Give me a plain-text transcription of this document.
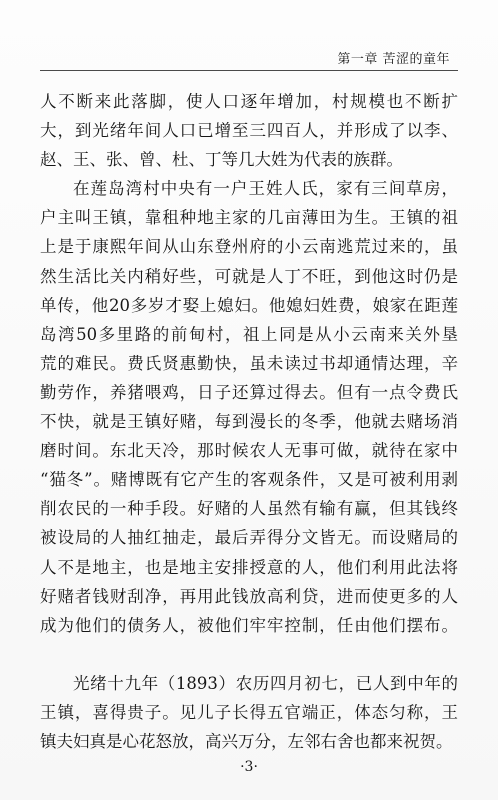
第一章 苦涩的童年
人不断来此落脚，使人口逐年增加，村规模也不断扩
大，到光绪年间人口已增至三四百人，并形成了以李、
赵、王、张、曾、杜、丁等几大姓为代表的族群。
在莲岛湾村中央有一户王姓人氏，家有三间草房，
户主叫王镇，靠租种地主家的几亩薄田为生。王镇的祖
上是于康熙年间从山东登州府的小云南逃荒过来的，虽
然生活比关内稍好些，可就是人丁不旺，到他这时仍是
单传，他20多岁才娶上媳妇。他媳妇姓费，娘家在距莲
岛湾50多里路的前甸村，祖上同是从小云南来关外垦
荒的难民。费氏贤惠勤快，虽未读过书却通情达理，辛
勤劳作，养猪喂鸡，日子还算过得去。但有一点令费氏
不快，就是王镇好赌，每到漫长的冬季，他就去赌场消
磨时间。东北天冷，那时候农人无事可做，就待在家中
“猫冬”。赌博既有它产生的客观条件，又是可被利用剥
削农民的一种手段。好赌的人虽然有输有赢，但其钱终
被设局的人抽红抽走，最后弄得分文皆无。而设赌局的
人不是地主，也是地主安排授意的人，他们利用此法将
好赌者钱财刮净，再用此钱放高利贷，进而使更多的人
成为他们的债务人，被他们牢牢控制，任由他们摆布。
光绪十九年（1893）农历四月初七，已人到中年的
王镇，喜得贵子。见儿子长得五官端正，体态匀称，王
镇夫妇真是心花怒放，高兴万分，左邻右舍也都来祝贺。
·3·
